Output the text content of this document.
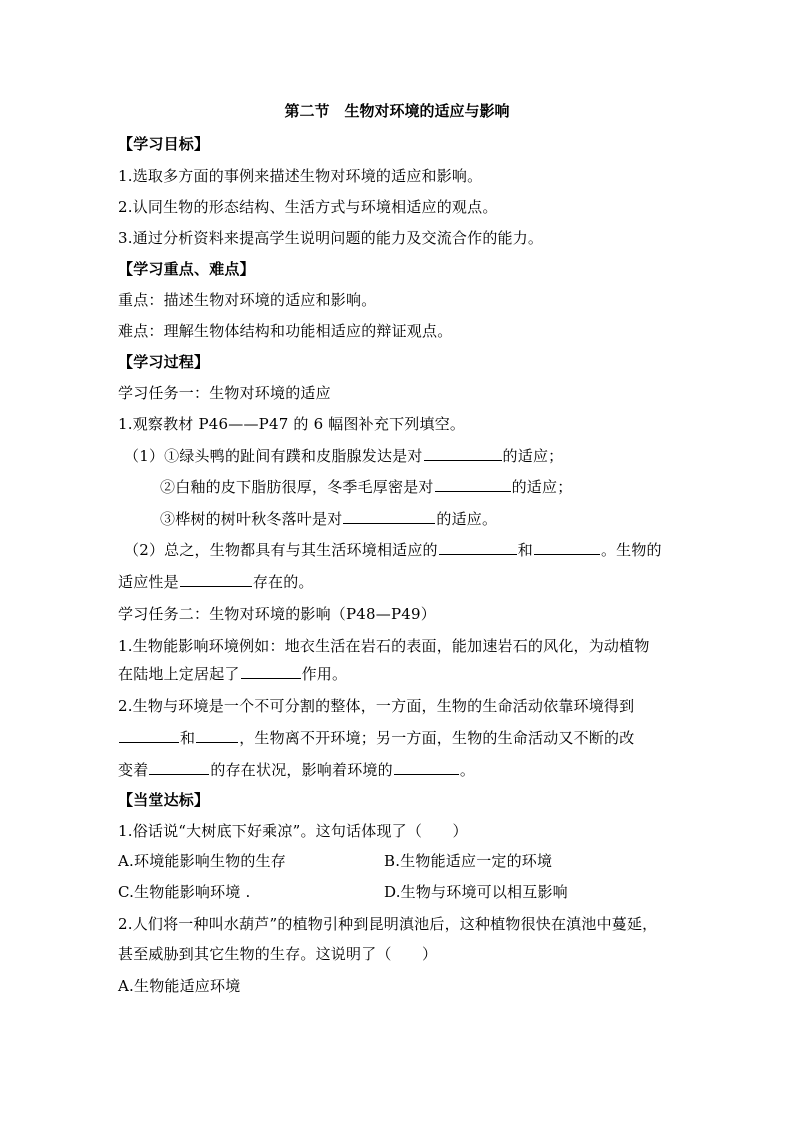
第二节　生物对环境的适应与影响
【学习目标】
1.选取多方面的事例来描述生物对环境的适应和影响。
2.认同生物的形态结构、生活方式与环境相适应的观点。
3.通过分析资料来提高学生说明问题的能力及交流合作的能力。
【学习重点、难点】
重点：描述生物对环境的适应和影响。
难点：理解生物体结构和功能相适应的辩证观点。
【学习过程】
学习任务一：生物对环境的适应
1.观察教材 P46——P47 的 6 幅图补充下列填空。
（1）①绿头鸭的趾间有蹼和皮脂腺发达是对	的适应；
②白釉的皮下脂肪很厚，冬季毛厚密是对	的适应；
③桦树的树叶秋冬落叶是对	的适应。
（2）总之，生物都具有与其生活环境相适应的	和	。生物的
适应性是	存在的。
学习任务二：生物对环境的影响（P48—P49）
1.生物能影响环境例如：地衣生活在岩石的表面，能加速岩石的风化，为动植物
在陆地上定居起了	作用。
2.生物与环境是一个不可分割的整体，一方面，生物的生命活动依靠环境得到
和	，生物离不开环境；另一方面，生物的生命活动又不断的改
变着	的存在状况，影响着环境的	。
【当堂达标】
1.俗话说“大树底下好乘凉”。这句话体现了（　　）
A.环境能影响生物的生存	B.生物能适应一定的环境
C.生物能影响环境 .	D.生物与环境可以相互影响
2.人们将一种叫水葫芦”的植物引种到昆明滇池后，这种植物很快在滇池中蔓延，
甚至威胁到其它生物的生存。这说明了（　　）
A.生物能适应环境
